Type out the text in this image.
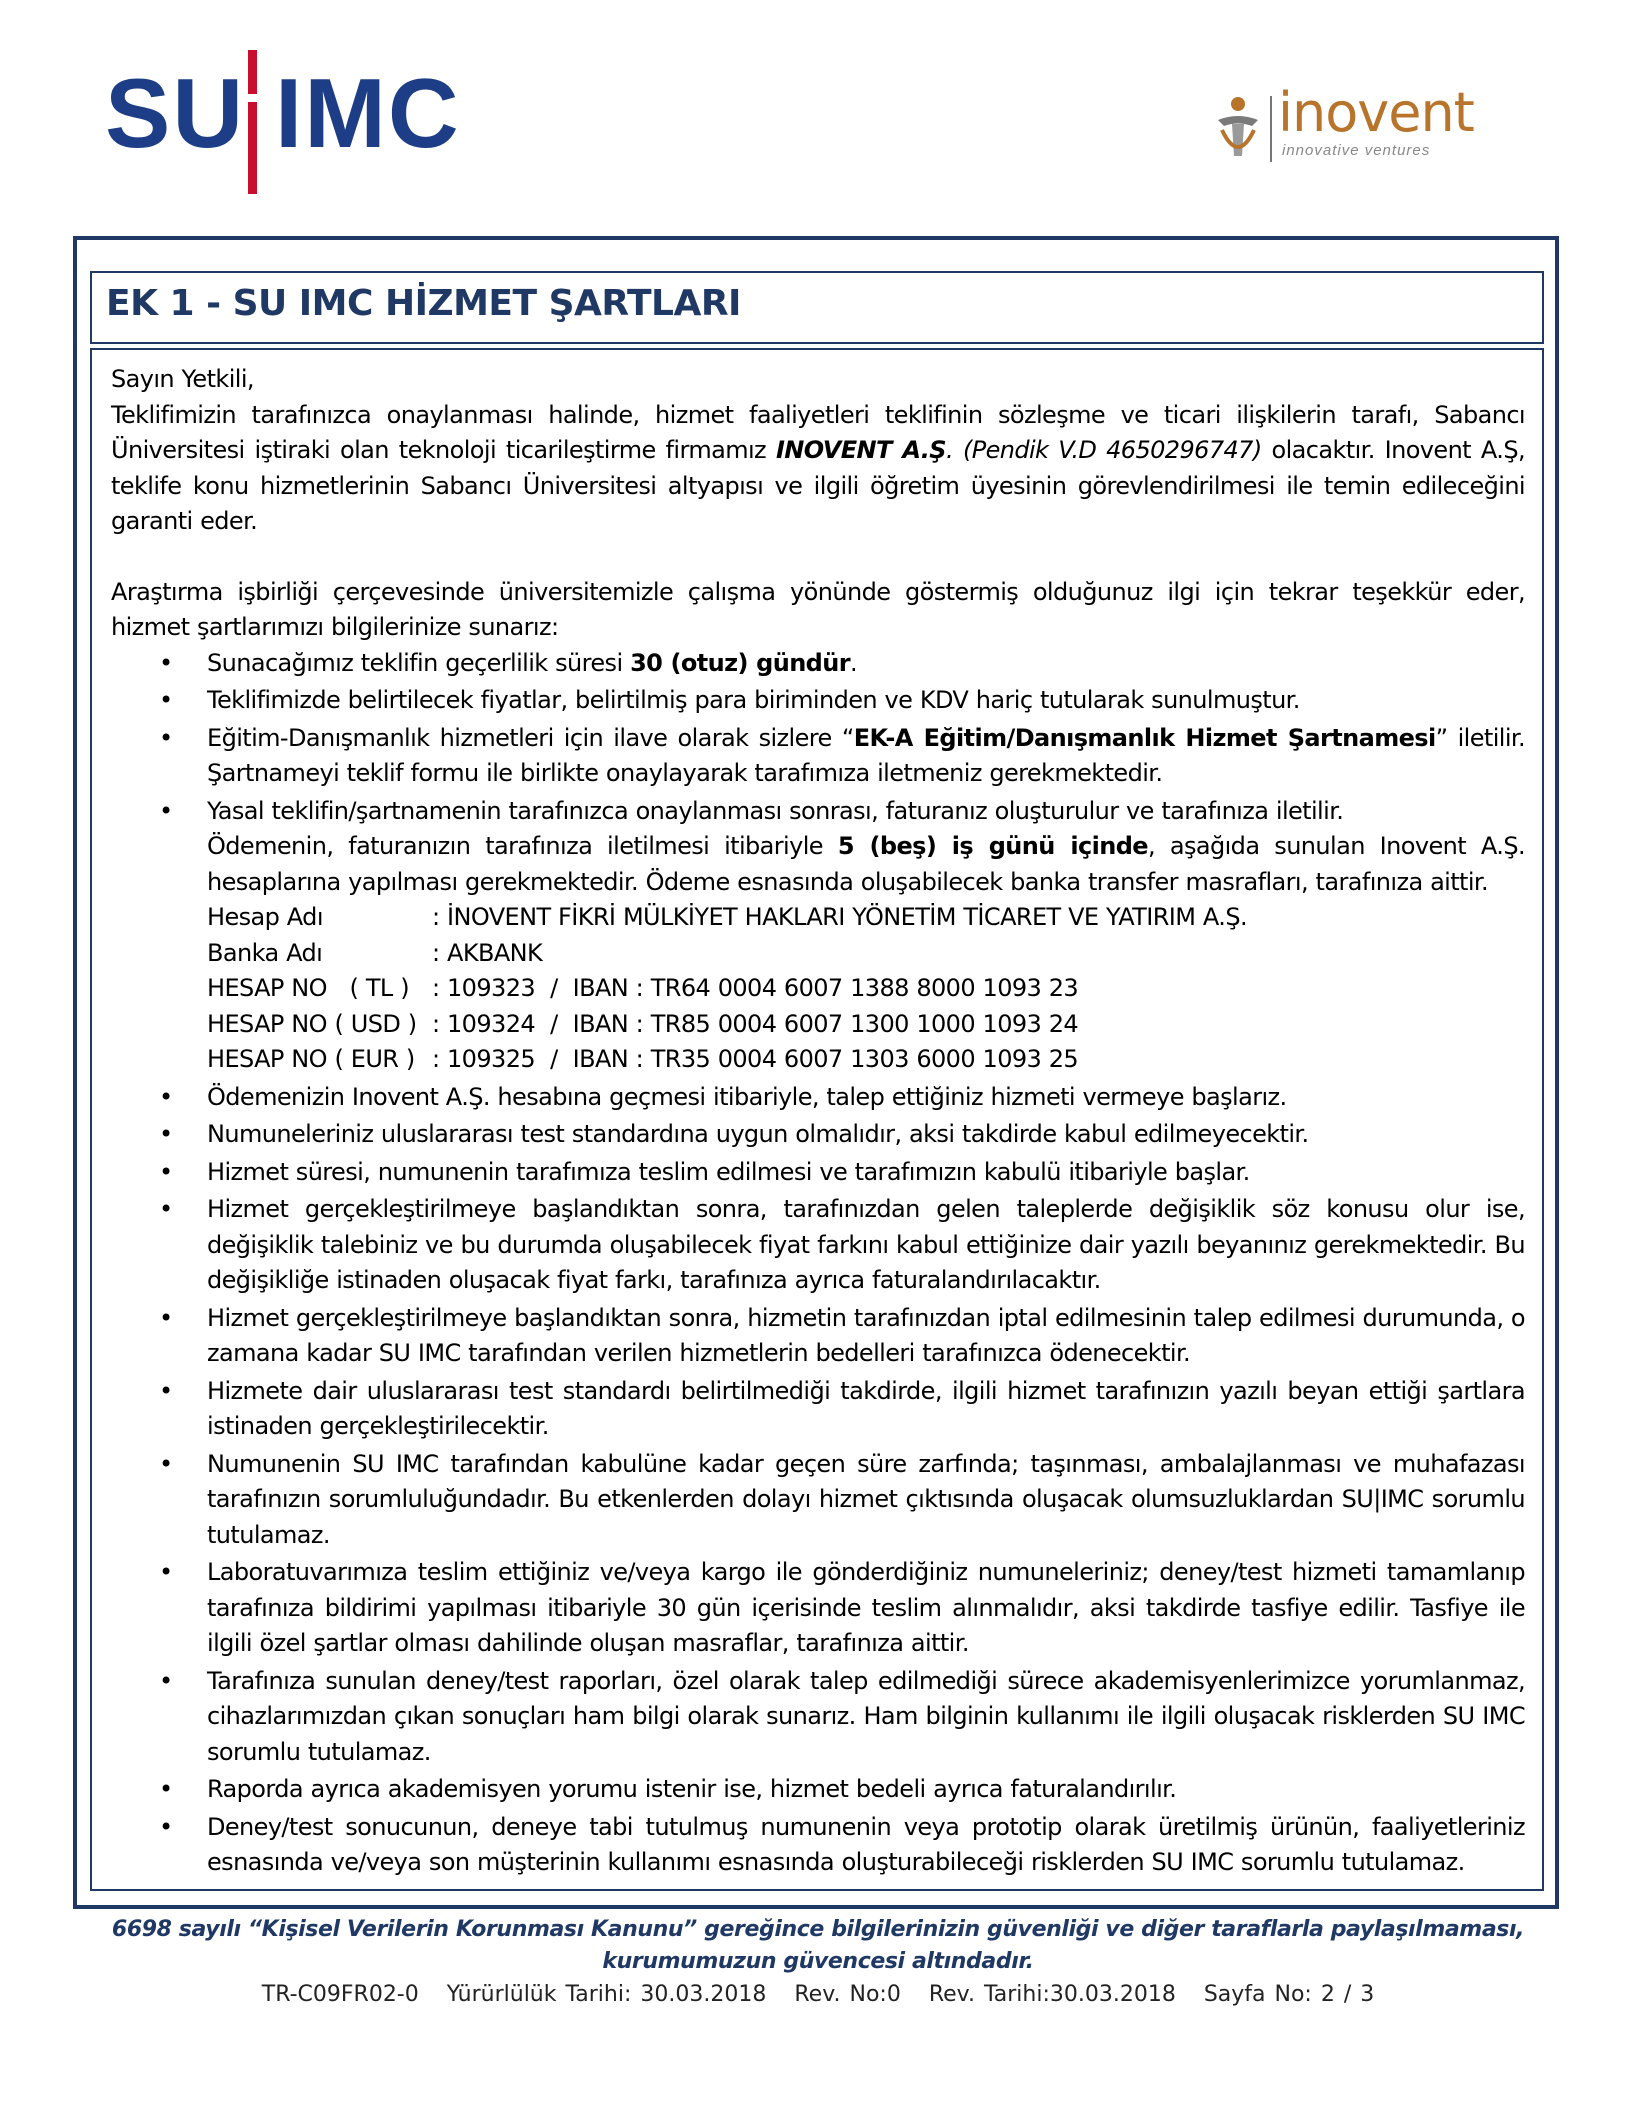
SU IMC	inovent
innovative ventures
EK 1 - SU IMC HİZMET ŞARTLARI

Sayın Yetkili,

Teklifimizin tarafınızca onaylanması halinde, hizmet faaliyetleri teklifinin sözleşme ve ticari ilişkilerin tarafı, Sabancı Üniversitesi iştiraki olan teknoloji ticarileştirme firmamız INOVENT A.Ş. (Pendik V.D 4650296747) olacaktır. Inovent A.Ş, teklife konu hizmetlerinin Sabancı Üniversitesi altyapısı ve ilgili öğretim üyesinin görevlendirilmesi ile temin edileceğini garanti eder.

Araştırma işbirliği çerçevesinde üniversitemizle çalışma yönünde göstermiş olduğunuz ilgi için tekrar teşekkür eder, hizmet şartlarımızı bilgilerinize sunarız:

• Sunacağımız teklifin geçerlilik süresi 30 (otuz) gündür.
• Teklifimizde belirtilecek fiyatlar, belirtilmiş para biriminden ve KDV hariç tutularak sunulmuştur.
• Eğitim-Danışmanlık hizmetleri için ilave olarak sizlere “EK-A Eğitim/Danışmanlık Hizmet Şartnamesi” iletilir. Şartnameyi teklif formu ile birlikte onaylayarak tarafımıza iletmeniz gerekmektedir.
• Yasal teklifin/şartnamenin tarafınızca onaylanması sonrası, faturanız oluşturulur ve tarafınıza iletilir.
Ödemenin, faturanızın tarafınıza iletilmesi itibariyle 5 (beş) iş günü içinde, aşağıda sunulan Inovent A.Ş. hesaplarına yapılması gerekmektedir. Ödeme esnasında oluşabilecek banka transfer masrafları, tarafınıza aittir.
Hesap Adı	: İNOVENT FİKRİ MÜLKİYET HAKLARI YÖNETİM TİCARET VE YATIRIM A.Ş.
Banka Adı	: AKBANK
HESAP NO   ( TL ) : 109323  /  IBAN : TR64 0004 6007 1388 8000 1093 23
HESAP NO ( USD ) : 109324  /  IBAN : TR85 0004 6007 1300 1000 1093 24
HESAP NO ( EUR ) : 109325  /  IBAN : TR35 0004 6007 1303 6000 1093 25
• Ödemenizin Inovent A.Ş. hesabına geçmesi itibariyle, talep ettiğiniz hizmeti vermeye başlarız.
• Numuneleriniz uluslararası test standardına uygun olmalıdır, aksi takdirde kabul edilmeyecektir.
• Hizmet süresi, numunenin tarafımıza teslim edilmesi ve tarafımızın kabulü itibariyle başlar.
• Hizmet gerçekleştirilmeye başlandıktan sonra, tarafınızdan gelen taleplerde değişiklik söz konusu olur ise, değişiklik talebiniz ve bu durumda oluşabilecek fiyat farkını kabul ettiğinize dair yazılı beyanınız gerekmektedir. Bu değişikliğe istinaden oluşacak fiyat farkı, tarafınıza ayrıca faturalandırılacaktır.
• Hizmet gerçekleştirilmeye başlandıktan sonra, hizmetin tarafınızdan iptal edilmesinin talep edilmesi durumunda, o zamana kadar SU IMC tarafından verilen hizmetlerin bedelleri tarafınızca ödenecektir.
• Hizmete dair uluslararası test standardı belirtilmediği takdirde, ilgili hizmet tarafınızın yazılı beyan ettiği şartlara istinaden gerçekleştirilecektir.
• Numunenin SU IMC tarafından kabulüne kadar geçen süre zarfında; taşınması, ambalajlanması ve muhafazası tarafınızın sorumluluğundadır. Bu etkenlerden dolayı hizmet çıktısında oluşacak olumsuzluklardan SU|IMC sorumlu tutulamaz.
• Laboratuvarımıza teslim ettiğiniz ve/veya kargo ile gönderdiğiniz numuneleriniz; deney/test hizmeti tamamlanıp tarafınıza bildirimi yapılması itibariyle 30 gün içerisinde teslim alınmalıdır, aksi takdirde tasfiye edilir. Tasfiye ile ilgili özel şartlar olması dahilinde oluşan masraflar, tarafınıza aittir.
• Tarafınıza sunulan deney/test raporları, özel olarak talep edilmediği sürece akademisyenlerimizce yorumlanmaz, cihazlarımızdan çıkan sonuçları ham bilgi olarak sunarız. Ham bilginin kullanımı ile ilgili oluşacak risklerden SU IMC sorumlu tutulamaz.
• Raporda ayrıca akademisyen yorumu istenir ise, hizmet bedeli ayrıca faturalandırılır.
• Deney/test sonucunun, deneye tabi tutulmuş numunenin veya prototip olarak üretilmiş ürünün, faaliyetleriniz esnasında ve/veya son müşterinin kullanımı esnasında oluşturabileceği risklerden SU IMC sorumlu tutulamaz.
6698 sayılı “Kişisel Verilerin Korunması Kanunu” gereğince bilgilerinizin güvenliği ve diğer taraflarla paylaşılmaması,
kurumumuzun güvencesi altındadır.
TR-C09FR02-0 Yürürlülük Tarihi: 30.03.2018 Rev. No:0 Rev. Tarihi:30.03.2018 Sayfa No: 2 / 3
